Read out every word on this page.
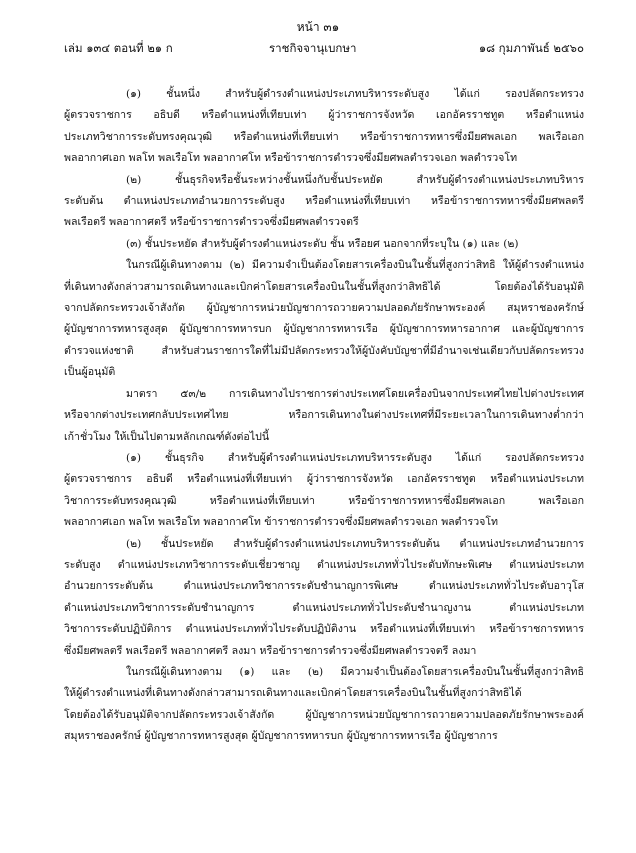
หน้า ๓๑
เล่ม ๑๓๔ ตอนที่ ๒๑ ก	ราชกิจจานุเบกษา	๑๘ กุมภาพันธ์ ๒๕๖๐
(๑) ชั้นหนึ่ง สำหรับผู้ดำรงตำแหน่งประเภทบริหารระดับสูง ได้แก่ รองปลัดกระทรวง
ผู้ตรวจราชการ อธิบดี หรือตำแหน่งที่เทียบเท่า ผู้ว่าราชการจังหวัด เอกอัครราชทูต หรือตำแหน่ง
ประเภทวิชาการระดับทรงคุณวุฒิ หรือตำแหน่งที่เทียบเท่า หรือข้าราชการทหารซึ่งมียศพลเอก พลเรือเอก
พลอากาศเอก พลโท พลเรือโท พลอากาศโท หรือข้าราชการตำรวจซึ่งมียศพลตำรวจเอก พลตำรวจโท
(๒) ชั้นธุรกิจหรือชั้นระหว่างชั้นหนึ่งกับชั้นประหยัด สำหรับผู้ดำรงตำแหน่งประเภทบริหาร
ระดับต้น ตำแหน่งประเภทอำนวยการระดับสูง หรือตำแหน่งที่เทียบเท่า หรือข้าราชการทหารซึ่งมียศพลตรี
พลเรือตรี พลอากาศตรี หรือข้าราชการตำรวจซึ่งมียศพลตำรวจตรี
(๓) ชั้นประหยัด สำหรับผู้ดำรงตำแหน่งระดับ ชั้น หรือยศ นอกจากที่ระบุใน (๑) และ (๒)
ในกรณีผู้เดินทางตาม (๒) มีความจำเป็นต้องโดยสารเครื่องบินในชั้นที่สูงกว่าสิทธิ ให้ผู้ดำรงตำแหน่ง
ที่เดินทางดังกล่าวสามารถเดินทางและเบิกค่าโดยสารเครื่องบินในชั้นที่สูงกว่าสิทธิได้ โดยต้องได้รับอนุมัติ
จากปลัดกระทรวงเจ้าสังกัด ผู้บัญชาการหน่วยบัญชาการถวายความปลอดภัยรักษาพระองค์ สมุหราชองครักษ์
ผู้บัญชาการทหารสูงสุด ผู้บัญชาการทหารบก ผู้บัญชาการทหารเรือ ผู้บัญชาการทหารอากาศ และผู้บัญชาการ
ตำรวจแห่งชาติ สำหรับส่วนราชการใดที่ไม่มีปลัดกระทรวงให้ผู้บังคับบัญชาที่มีอำนาจเช่นเดียวกับปลัดกระทรวง
เป็นผู้อนุมัติ
มาตรา ๕๓/๒ การเดินทางไปราชการต่างประเทศโดยเครื่องบินจากประเทศไทยไปต่างประเทศ
หรือจากต่างประเทศกลับประเทศไทย หรือการเดินทางในต่างประเทศที่มีระยะเวลาในการเดินทางต่ำกว่า
เก้าชั่วโมง ให้เป็นไปตามหลักเกณฑ์ดังต่อไปนี้
(๑) ชั้นธุรกิจ สำหรับผู้ดำรงตำแหน่งประเภทบริหารระดับสูง ได้แก่ รองปลัดกระทรวง
ผู้ตรวจราชการ อธิบดี หรือตำแหน่งที่เทียบเท่า ผู้ว่าราชการจังหวัด เอกอัครราชทูต หรือตำแหน่งประเภท
วิชาการระดับทรงคุณวุฒิ หรือตำแหน่งที่เทียบเท่า หรือข้าราชการทหารซึ่งมียศพลเอก พลเรือเอก
พลอากาศเอก พลโท พลเรือโท พลอากาศโท ข้าราชการตำรวจซึ่งมียศพลตำรวจเอก พลตำรวจโท
(๒) ชั้นประหยัด สำหรับผู้ดำรงตำแหน่งประเภทบริหารระดับต้น ตำแหน่งประเภทอำนวยการ
ระดับสูง ตำแหน่งประเภทวิชาการระดับเชี่ยวชาญ ตำแหน่งประเภททั่วไประดับทักษะพิเศษ ตำแหน่งประเภท
อำนวยการระดับต้น ตำแหน่งประเภทวิชาการระดับชำนาญการพิเศษ ตำแหน่งประเภททั่วไประดับอาวุโส
ตำแหน่งประเภทวิชาการระดับชำนาญการ ตำแหน่งประเภททั่วไประดับชำนาญงาน ตำแหน่งประเภท
วิชาการระดับปฏิบัติการ ตำแหน่งประเภททั่วไประดับปฏิบัติงาน หรือตำแหน่งที่เทียบเท่า หรือข้าราชการทหาร
ซึ่งมียศพลตรี พลเรือตรี พลอากาศตรี ลงมา หรือข้าราชการตำรวจซึ่งมียศพลตำรวจตรี ลงมา
ในกรณีผู้เดินทางตาม (๑) และ (๒) มีความจำเป็นต้องโดยสารเครื่องบินในชั้นที่สูงกว่าสิทธิ
ให้ผู้ดำรงตำแหน่งที่เดินทางดังกล่าวสามารถเดินทางและเบิกค่าโดยสารเครื่องบินในชั้นที่สูงกว่าสิทธิได้
โดยต้องได้รับอนุมัติจากปลัดกระทรวงเจ้าสังกัด ผู้บัญชาการหน่วยบัญชาการถวายความปลอดภัยรักษาพระองค์
สมุหราชองครักษ์ ผู้บัญชาการทหารสูงสุด ผู้บัญชาการทหารบก ผู้บัญชาการทหารเรือ ผู้บัญชาการ
